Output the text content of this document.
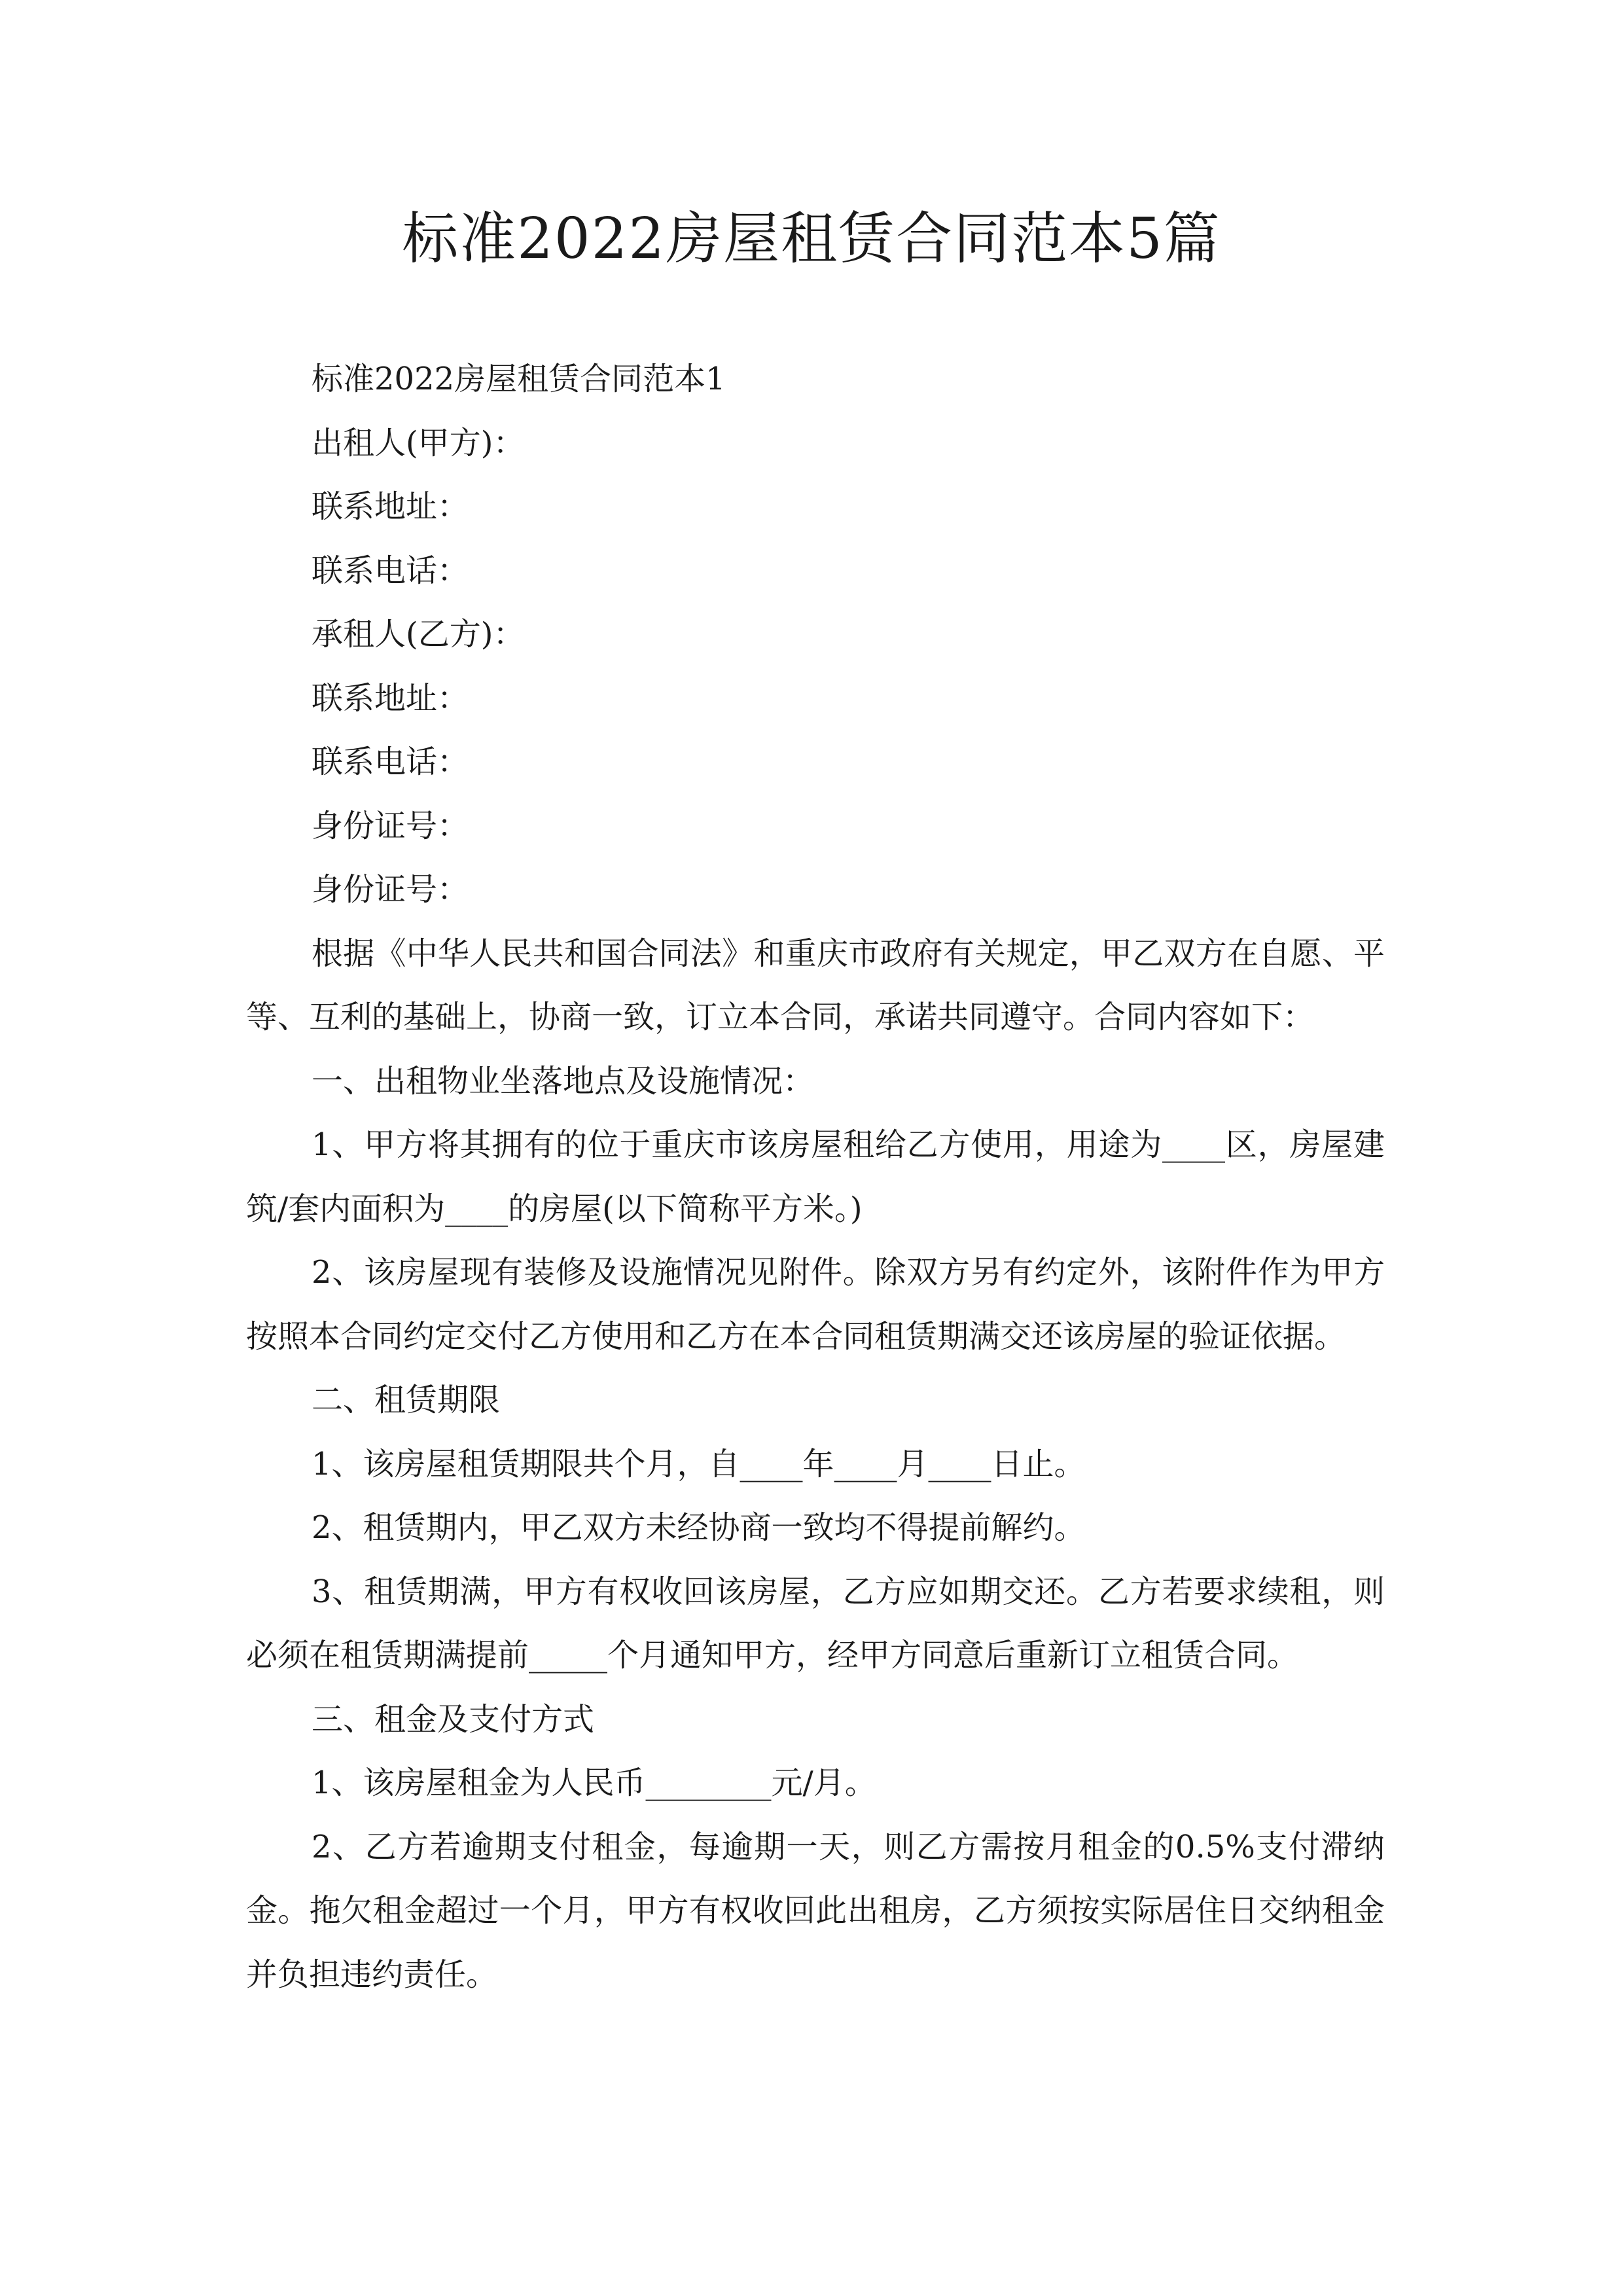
标准2022房屋租赁合同范本5篇

标准2022房屋租赁合同范本1

出租人(甲方)：

联系地址：

联系电话：

承租人(乙方)：

联系地址：

联系电话：

身份证号：

身份证号：

根据《中华人民共和国合同法》和重庆市政府有关规定，甲乙双方在自愿、平等、互利的基础上，协商一致，订立本合同，承诺共同遵守。合同内容如下：

一、出租物业坐落地点及设施情况：

1、甲方将其拥有的位于重庆市该房屋租给乙方使用，用途为____区，房屋建筑/套内面积为____的房屋(以下简称平方米。)

2、该房屋现有装修及设施情况见附件。除双方另有约定外，该附件作为甲方按照本合同约定交付乙方使用和乙方在本合同租赁期满交还该房屋的验证依据。

二、租赁期限

1、该房屋租赁期限共个月，自____年____月____日止。

2、租赁期内，甲乙双方未经协商一致均不得提前解约。

3、租赁期满，甲方有权收回该房屋，乙方应如期交还。乙方若要求续租，则必须在租赁期满提前_____个月通知甲方，经甲方同意后重新订立租赁合同。

三、租金及支付方式

1、该房屋租金为人民币________元/月。

2、乙方若逾期支付租金，每逾期一天，则乙方需按月租金的0.5%支付滞纳金。拖欠租金超过一个月，甲方有权收回此出租房，乙方须按实际居住日交纳租金并负担违约责任。
